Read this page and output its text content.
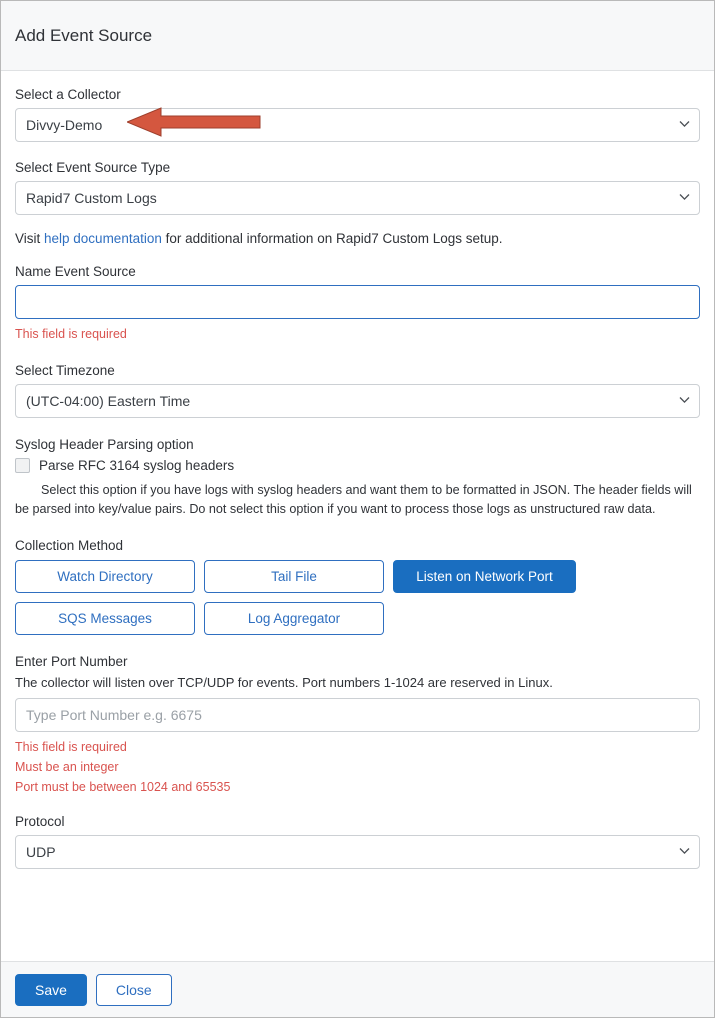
Add Event Source
Select a Collector
Divvy-Demo
Select Event Source Type
Rapid7 Custom Logs
Visit help documentation for additional information on Rapid7 Custom Logs setup.
Name Event Source
This field is required
Select Timezone
(UTC-04:00) Eastern Time
Syslog Header Parsing option
Parse RFC 3164 syslog headers
Select this option if you have logs with syslog headers and want them to be formatted in JSON. The header fields will be parsed into key/value pairs. Do not select this option if you want to process those logs as unstructured raw data.
Collection Method
Watch Directory	Tail File	Listen on Network Port
SQS Messages	Log Aggregator
Enter Port Number
The collector will listen over TCP/UDP for events. Port numbers 1-1024 are reserved in Linux.
Type Port Number e.g. 6675
This field is required
Must be an integer
Port must be between 1024 and 65535
Protocol
UDP
Save	Close
